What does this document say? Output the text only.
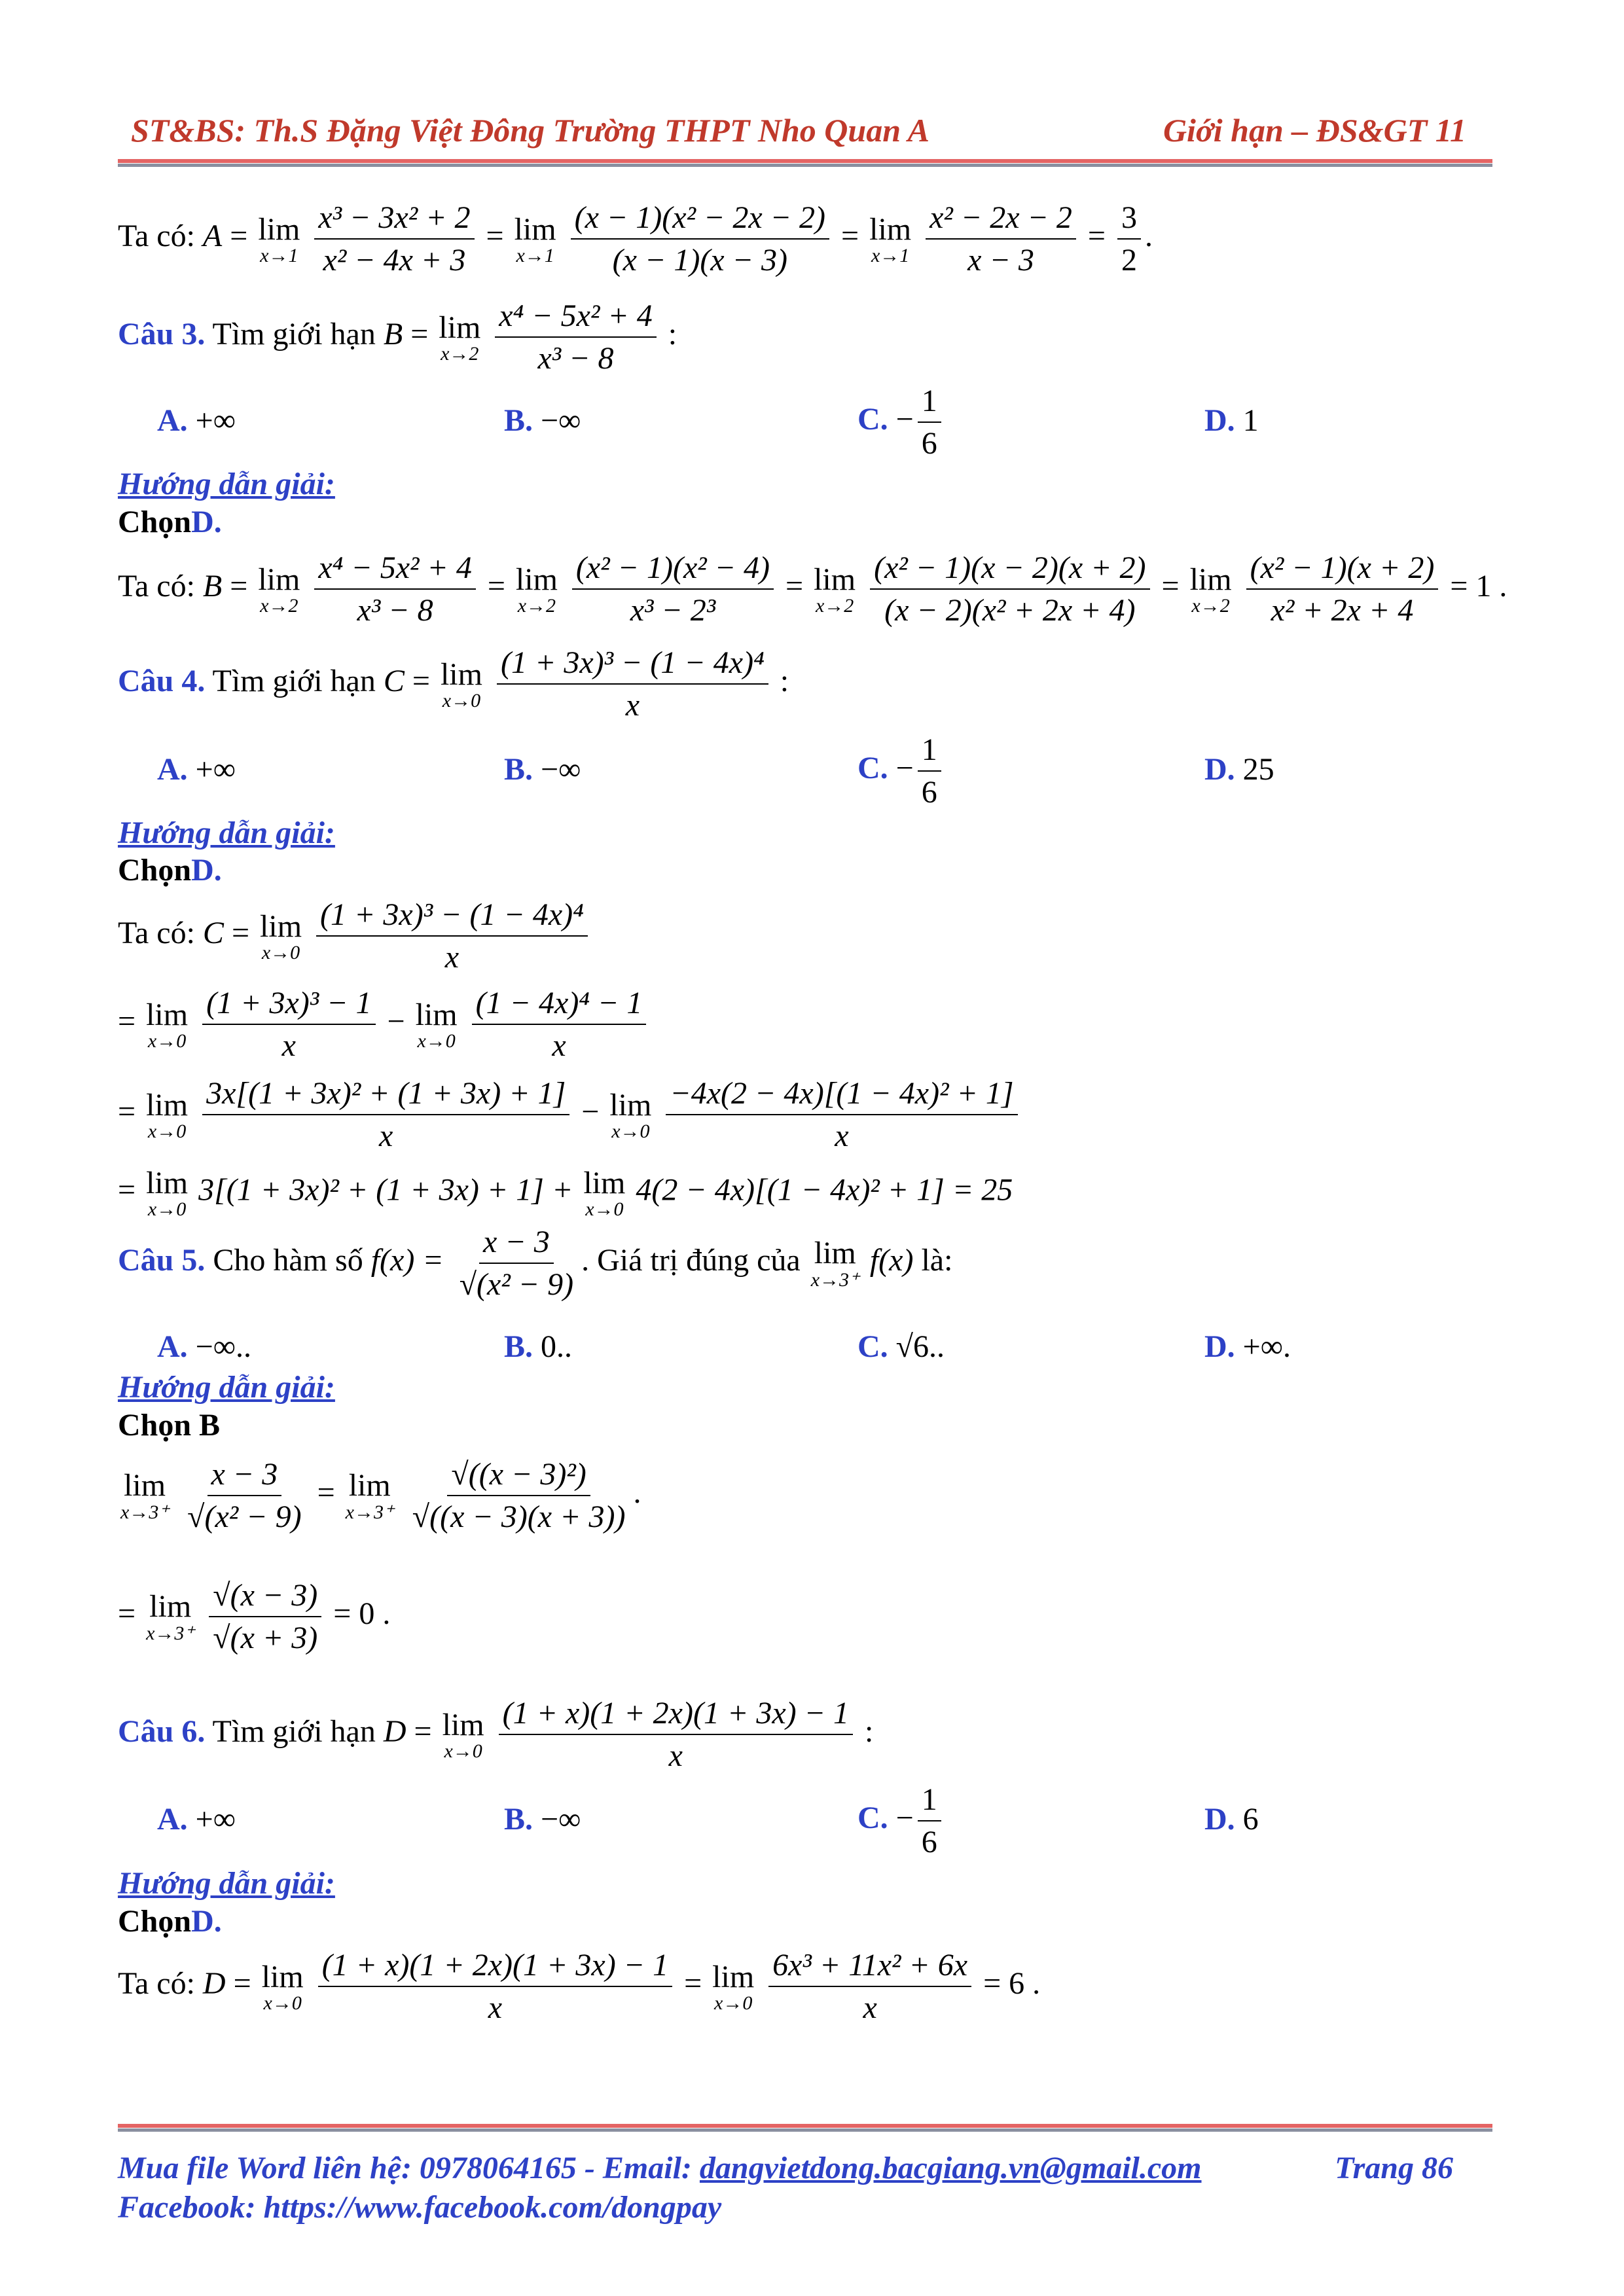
ST&BS: Th.S Đặng Việt Đông Trường THPT Nho Quan A	Giới hạn – ĐS&GT 11
Ta có: A = lim
x→1
$\frac{\text{x³ − 3x² + 2}}{\text{x² − 4x + 3}} = \lim$
x→1
$\frac{\text{(x − 1)(x² − 2x − 2)}}{(x - 1)(x - 3)} = \lim$
x→1
$\frac{\text{x² − 2x − 2}}{x - 3} = \frac{3}{2}$ .
Câu 3. Tìm giới hạn B = lim
x→2
$\frac{\text{x⁴ − 5x² + 4}}{\text{x³ − 8}}$ :
A. +∞	B. −∞	C. − $\frac{1}{6}$	D. 1
Hướng dẫn giải:
ChọnD.
Ta có: B = lim
x→2
$\frac{\text{x⁴ − 5x² + 4}}{\text{x³ − 8}} = \lim$
x→2
$\frac{\text{(x² − 1)(x² − 4)}}{\text{x³ − 2³}} = \lim$
x→2
$\frac{\text{(x² − 1)(x − 2)(x + 2)}}{\text{(x − 2)(x² + 2x + 4)}} = \lim$
x→2
$\frac{\text{(x² − 1)(x + 2)}}{\text{x² + 2x + 4}} = 1$ .
Câu 4. Tìm giới hạn C = lim
x→0
$\frac{\text{(1 + 3x)³ − (1 − 4x)⁴}}{x}$ :
A. +∞	B. −∞	C. − $\frac{1}{6}$	D. 25
Hướng dẫn giải:
ChọnD.
Ta có: C = lim
x→0
$\frac{\text{(1 + 3x)³ − (1 − 4x)⁴}}{x}$
= lim
x→0
$\frac{\text{(1 + 3x)³ − 1}}{x} - \lim$
x→0
$\frac{\text{(1 − 4x)⁴ − 1}}{x}$
= lim
x→0
$\frac{\text{3x[(1 + 3x)² + (1 + 3x) + 1]}}{x} - \lim$
x→0
$\frac{\text{−4x(2 − 4x)[(1 − 4x)² + 1]}}{x}$
= lim
x→0
3[(1 + 3x)² + (1 + 3x) + 1] + lim
x→0
4(2 − 4x)[(1 − 4x)² + 1] = 25
Câu 5. Cho hàm số $f(x) = \frac{x - 3}{\text{√(x² − 9)}}$ . Giá trị đúng của lim
x→3⁺
f(x) là:
A. −∞..	B. 0..	C. √6..	D. +∞.
Hướng dẫn giải:
Chọn B
lim
x→3⁺
$\frac{x - 3}{\text{√(x² − 9)}} = \lim$
x→3⁺
$\frac{\text{√((x − 3)²)}}{√((x - 3)(x + 3))}$ .
= lim
x→3⁺
$\frac{√(x - 3)}{√(x + 3)} = 0$ .
Câu 6. Tìm giới hạn D = lim
x→0
$\frac{(1 + x)(1 + 2x)(1 + 3x) - 1}{x}$ :
A. +∞	B. −∞	C. − $\frac{1}{6}$	D. 6
Hướng dẫn giải:
ChọnD.
Ta có: D = lim
x→0
$\frac{(1 + x)(1 + 2x)(1 + 3x) - 1}{x} = \lim$
x→0
$\frac{\text{6x³ + 11x² + 6x}}{x} = 6$ .
Mua file Word liên hệ: 0978064165 - Email: dangvietdong.bacgiang.vn@gmail.com	Trang 86
Facebook: https://www.facebook.com/dongpay
